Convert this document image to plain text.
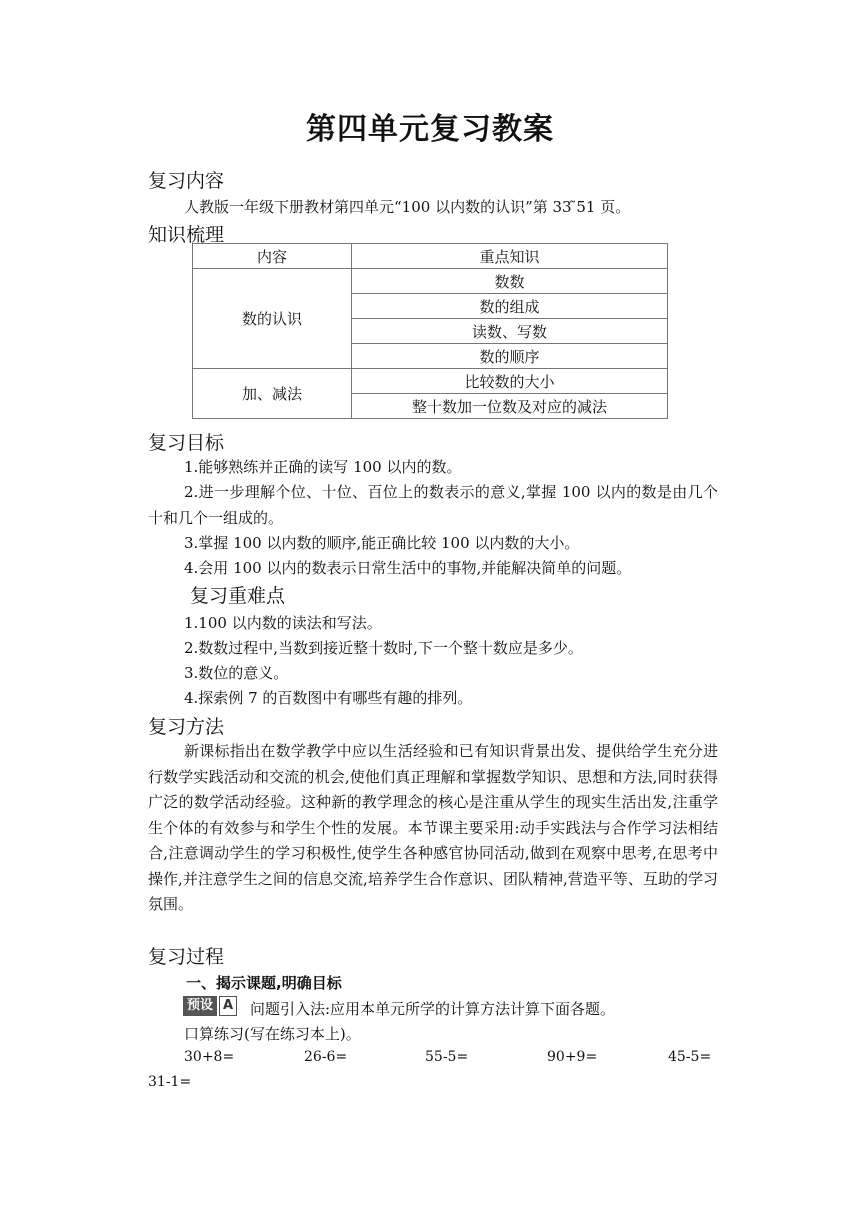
第四单元复习教案
复习内容
人教版一年级下册教材第四单元“100 以内数的认识”第 33 ̃51 页。
知识梳理
内容	重点知识
数的认识	数数
	数的组成
	读数、写数
	数的顺序
加、减法	比较数的大小
	整十数加一位数及对应的减法
复习目标
1.能够熟练并正确的读写 100 以内的数。
2.进一步理解个位、十位、百位上的数表示的意义,掌握 100 以内的数是由几个十和几个一组成的。
3.掌握 100 以内数的顺序,能正确比较 100 以内数的大小。
4.会用 100 以内的数表示日常生活中的事物,并能解决简单的问题。
复习重难点
1.100 以内数的读法和写法。
2.数数过程中,当数到接近整十数时,下一个整十数应是多少。
3.数位的意义。
4.探索例 7 的百数图中有哪些有趣的排列。
复习方法
新课标指出在数学教学中应以生活经验和已有知识背景出发、提供给学生充分进行数学实践活动和交流的机会,使他们真正理解和掌握数学知识、思想和方法,同时获得广泛的数学活动经验。这种新的教学理念的核心是注重从学生的现实生活出发,注重学生个体的有效参与和学生个性的发展。本节课主要采用:动手实践法与合作学习法相结合,注意调动学生的学习积极性,使学生各种感官协同活动,做到在观察中思考,在思考中操作,并注意学生之间的信息交流,培养学生合作意识、团队精神,营造平等、互助的学习氛围。
复习过程
一、揭示课题,明确目标
预设 A 问题引入法:应用本单元所学的计算方法计算下面各题。
口算练习(写在练习本上)。
30+8=	26-6=	55-5=	90+9=	45-5=
31-1=
